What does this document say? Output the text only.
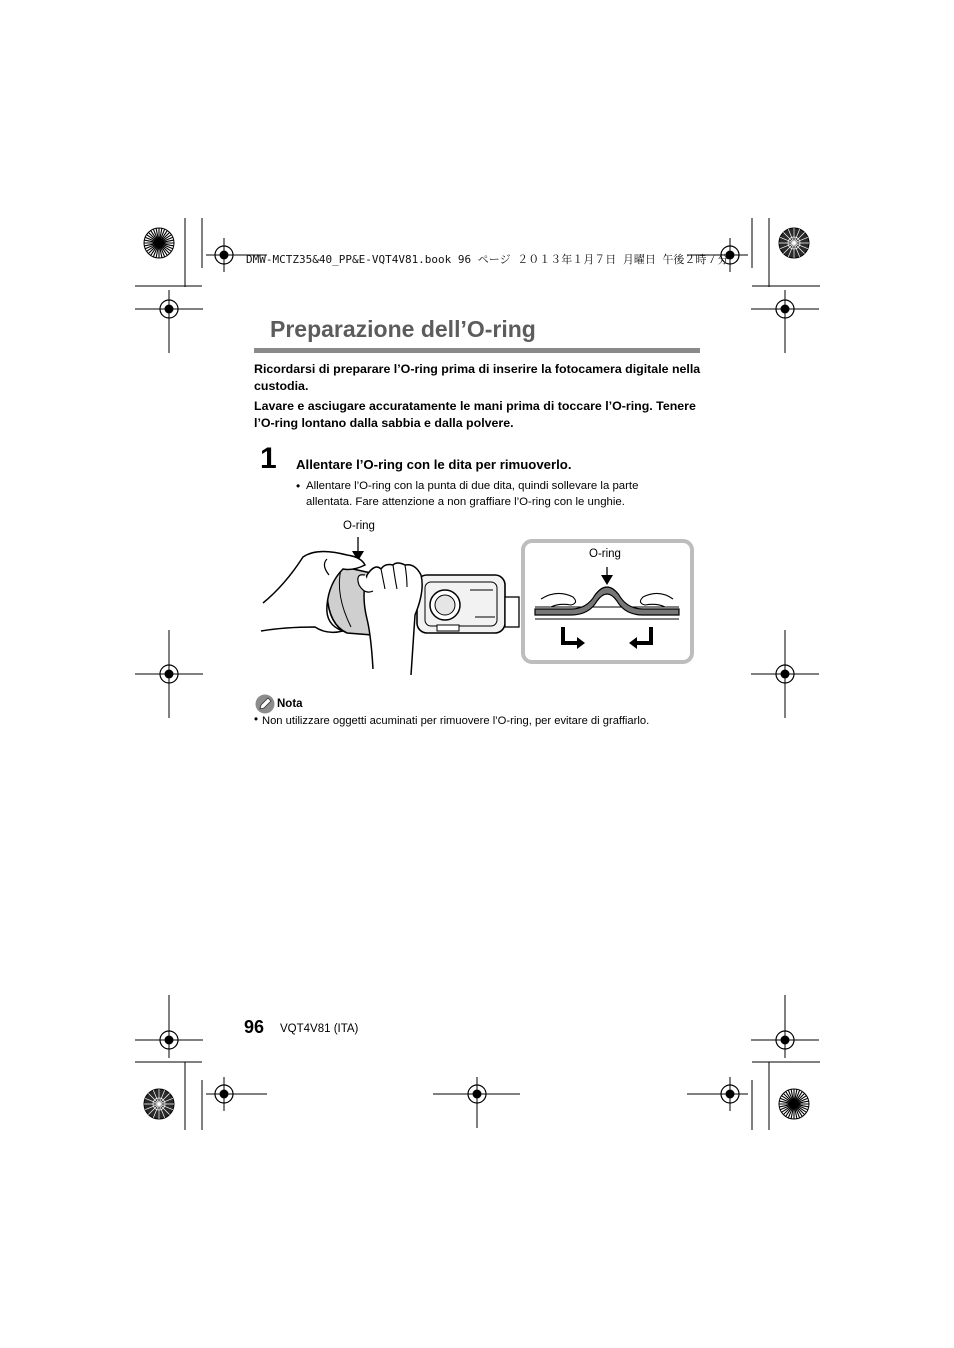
DMW-MCTZ35&40_PP&E-VQT4V81.book 96 ページ ２０１３年１月７日 月曜日 午後２時７分
Preparazione dell’O-ring
Ricordarsi di preparare l’O-ring prima di inserire la fotocamera digitale nella custodia.
Lavare e asciugare accuratamente le mani prima di toccare l’O-ring. Tenere l’O-ring lontano dalla sabbia e dalla polvere.
1 Allentare l’O-ring con le dita per rimuoverlo.
• Allentare l’O-ring con la punta di due dita, quindi sollevare la parte allentata. Fare attenzione a non graffiare l’O-ring con le unghie.
O-ring
O-ring
Nota
• Non utilizzare oggetti acuminati per rimuovere l’O-ring, per evitare di graffiarlo.
96 VQT4V81 (ITA)
